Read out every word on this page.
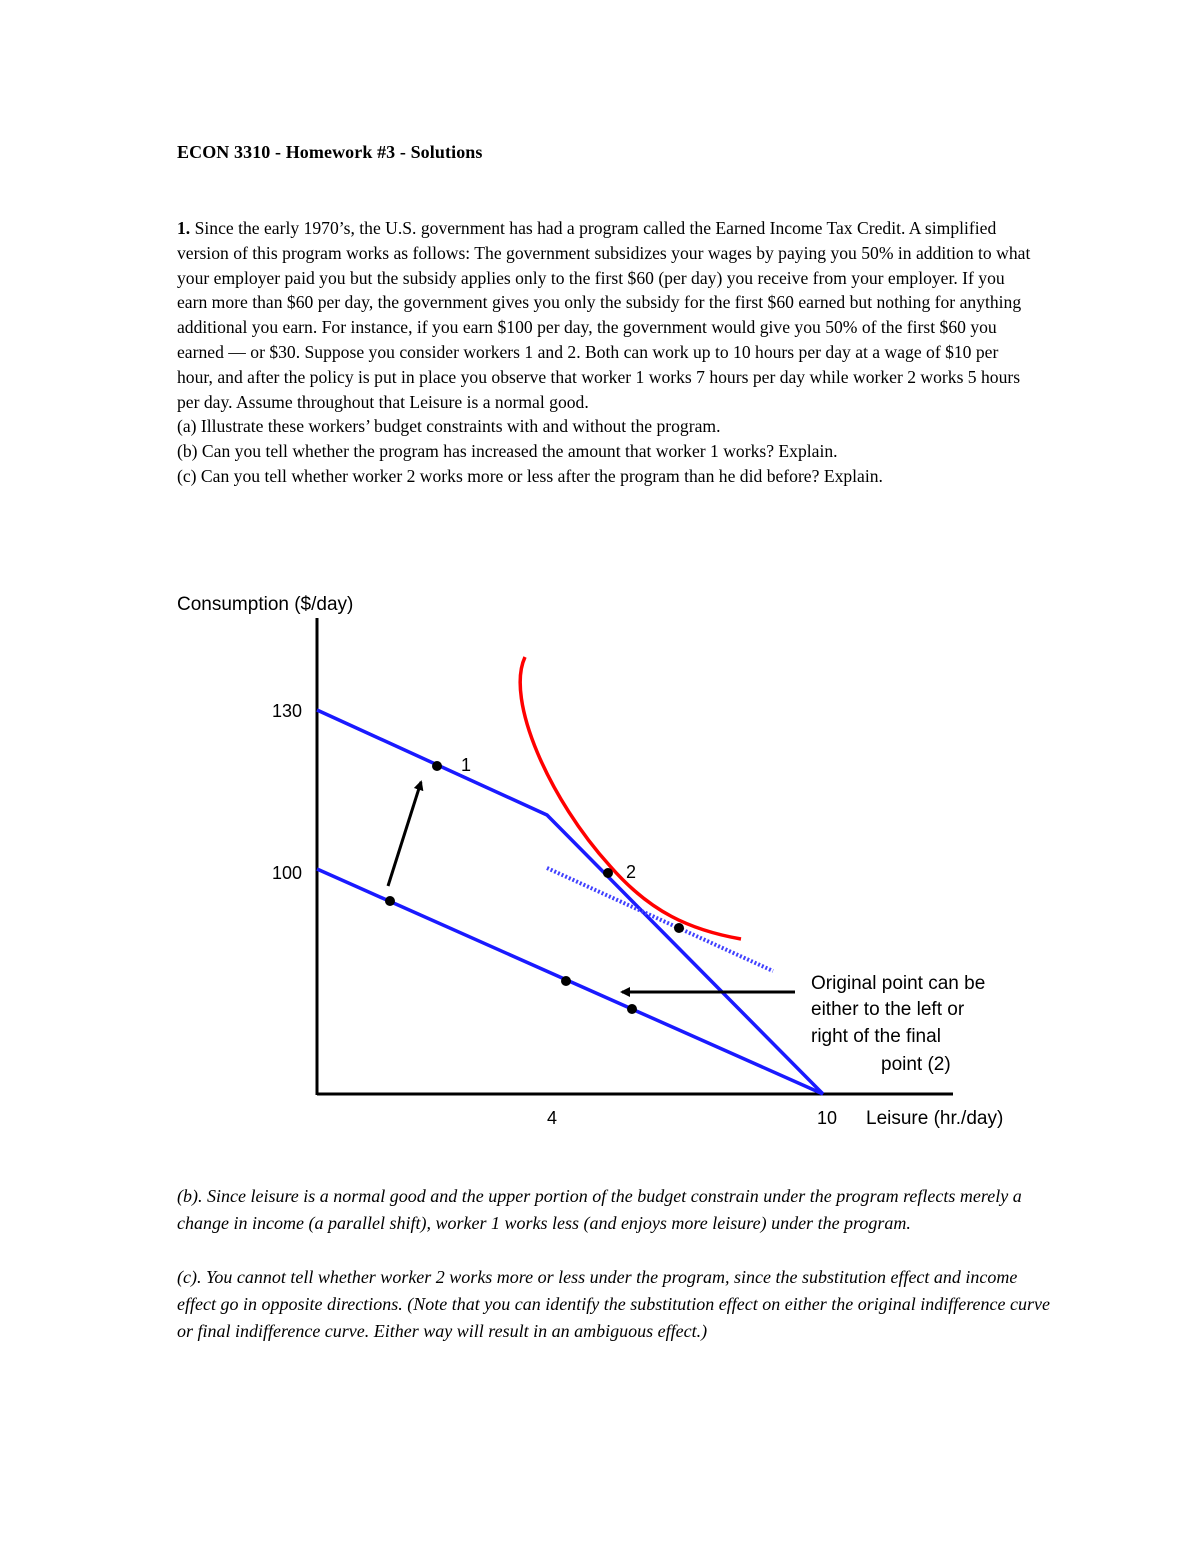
ECON 3310 - Homework #3 - Solutions

1. Since the early 1970’s, the U.S. government has had a program called the Earned Income Tax Credit. A simplified version of this program works as follows: The government subsidizes your wages by paying you 50% in addition to what your employer paid you but the subsidy applies only to the first $60 (per day) you receive from your employer. If you earn more than $60 per day, the government gives you only the subsidy for the first $60 earned but nothing for anything additional you earn. For instance, if you earn $100 per day, the government would give you 50% of the first $60 you earned — or $30. Suppose you consider workers 1 and 2. Both can work up to 10 hours per day at a wage of $10 per hour, and after the policy is put in place you observe that worker 1 works 7 hours per day while worker 2 works 5 hours per day. Assume throughout that Leisure is a normal good.

(a) Illustrate these workers’ budget constraints with and without the program.

(b) Can you tell whether the program has increased the amount that worker 1 works? Explain.

(c) Can you tell whether worker 2 works more or less after the program than he did before? Explain.

Consumption ($/day)
130
100
4	10 Leisure (hr./day)
1
2
Original point can be
either to the left or
right of the final
point (2)

(b). Since leisure is a normal good and the upper portion of the budget constrain under the program reflects merely a change in income (a parallel shift), worker 1 works less (and enjoys more leisure) under the program.

(c). You cannot tell whether worker 2 works more or less under the program, since the substitution effect and income effect go in opposite directions. (Note that you can identify the substitution effect on either the original indifference curve or final indifference curve. Either way will result in an ambiguous effect.)
